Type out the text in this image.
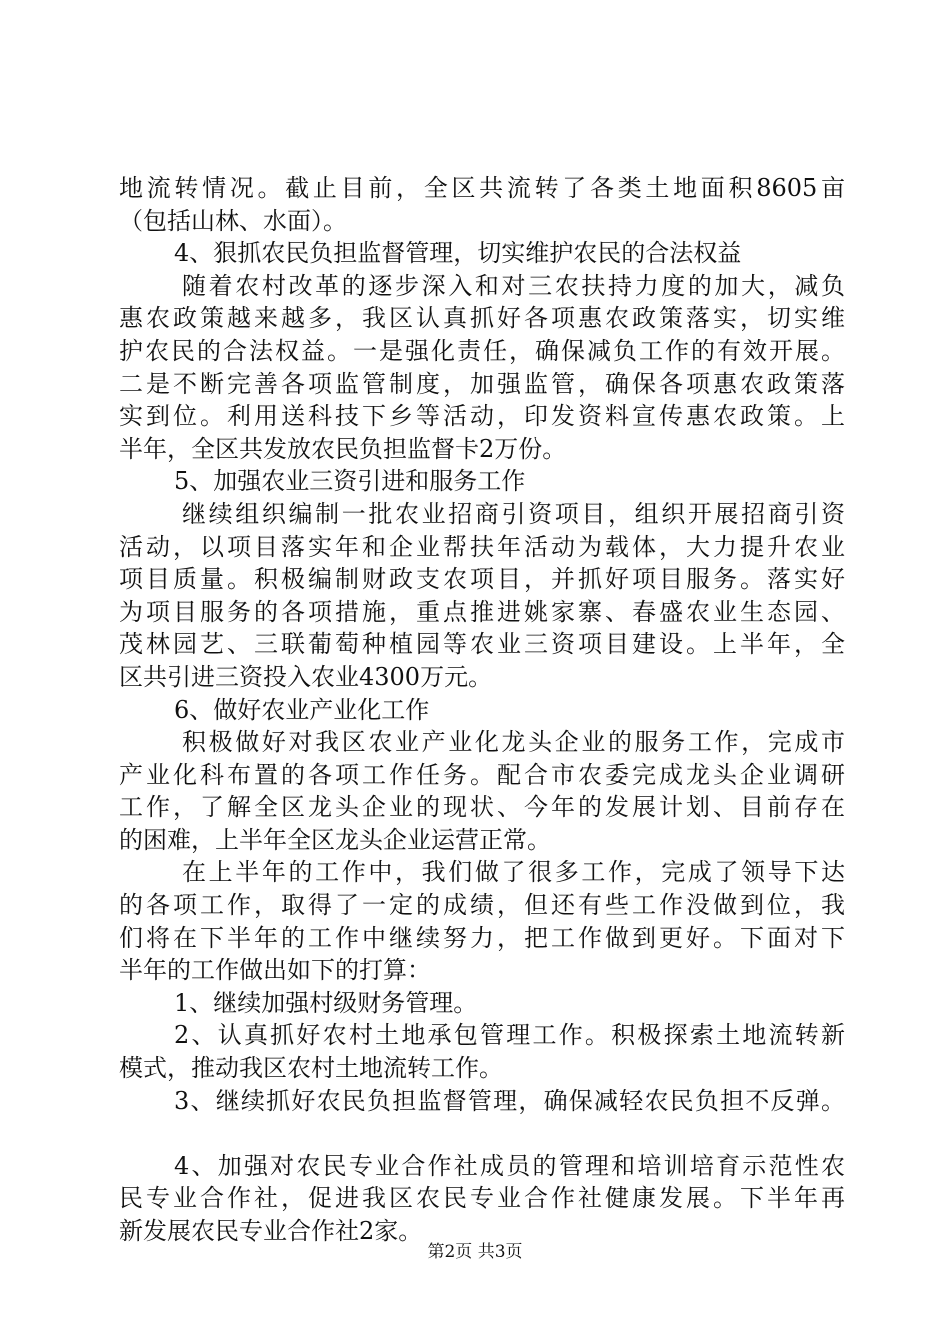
地流转情况。截止目前，全区共流转了各类土地面积8605亩
（包括山林、水面）。
4、狠抓农民负担监督管理，切实维护农民的合法权益
随着农村改革的逐步深入和对三农扶持力度的加大，减负
惠农政策越来越多，我区认真抓好各项惠农政策落实，切实维
护农民的合法权益。一是强化责任，确保减负工作的有效开展。
二是不断完善各项监管制度，加强监管，确保各项惠农政策落
实到位。利用送科技下乡等活动，印发资料宣传惠农政策。上
半年，全区共发放农民负担监督卡2万份。
5、加强农业三资引进和服务工作
继续组织编制一批农业招商引资项目，组织开展招商引资
活动，以项目落实年和企业帮扶年活动为载体，大力提升农业
项目质量。积极编制财政支农项目，并抓好项目服务。落实好
为项目服务的各项措施，重点推进姚家寨、春盛农业生态园、
茂林园艺、三联葡萄种植园等农业三资项目建设。上半年，全
区共引进三资投入农业4300万元。
6、做好农业产业化工作
积极做好对我区农业产业化龙头企业的服务工作，完成市
产业化科布置的各项工作任务。配合市农委完成龙头企业调研
工作，了解全区龙头企业的现状、今年的发展计划、目前存在
的困难，上半年全区龙头企业运营正常。
在上半年的工作中，我们做了很多工作，完成了领导下达
的各项工作，取得了一定的成绩，但还有些工作没做到位，我
们将在下半年的工作中继续努力，把工作做到更好。下面对下
半年的工作做出如下的打算：
1、继续加强村级财务管理。
2、认真抓好农村土地承包管理工作。积极探索土地流转新
模式，推动我区农村土地流转工作。
3、继续抓好农民负担监督管理，确保减轻农民负担不反弹。
4、加强对农民专业合作社成员的管理和培训培育示范性农
民专业合作社，促进我区农民专业合作社健康发展。下半年再
新发展农民专业合作社2家。
第2页 共3页
